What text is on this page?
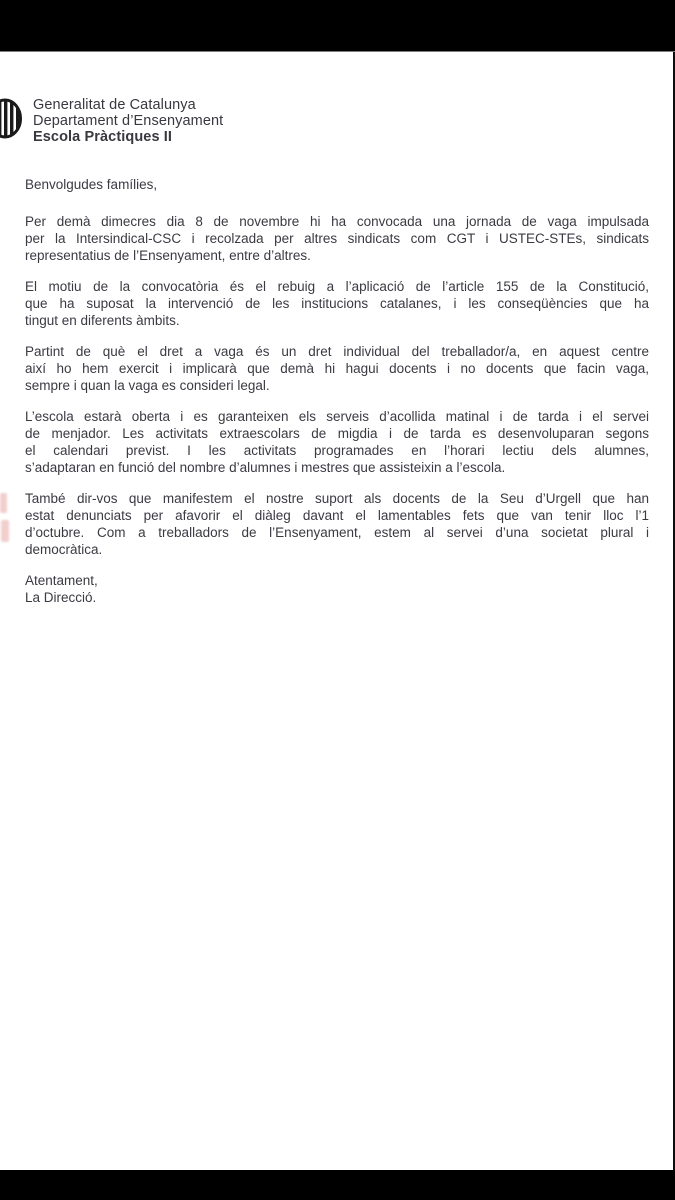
Generalitat de Catalunya
Departament d’Ensenyament
Escola Pràctiques II
Benvolgudes famílies,
Per demà dimecres dia 8 de novembre hi ha convocada una jornada de vaga impulsada
per la Intersindical-CSC i recolzada per altres sindicats com CGT i USTEC-STEs, sindicats
representatius de l’Ensenyament, entre d’altres.
El motiu de la convocatòria és el rebuig a l’aplicació de l’article 155 de la Constitució,
que ha suposat la intervenció de les institucions catalanes, i les conseqüències que ha
tingut en diferents àmbits.
Partint de què el dret a vaga és un dret individual del treballador/a, en aquest centre
així ho hem exercit i implicarà que demà hi hagui docents i no docents que facin vaga,
sempre i quan la vaga es consideri legal.
L’escola estarà oberta i es garanteixen els serveis d’acollida matinal i de tarda i el servei
de menjador. Les activitats extraescolars de migdia i de tarda es desenvoluparan segons
el calendari previst. I les activitats programades en l’horari lectiu dels alumnes,
s’adaptaran en funció del nombre d’alumnes i mestres que assisteixin a l’escola.
També dir-vos que manifestem el nostre suport als docents de la Seu d’Urgell que han
estat denunciats per afavorir el diàleg davant el lamentables fets que van tenir lloc l’1
d’octubre. Com a treballadors de l’Ensenyament, estem al servei d’una societat plural i
democràtica.
Atentament,
La Direcció.
